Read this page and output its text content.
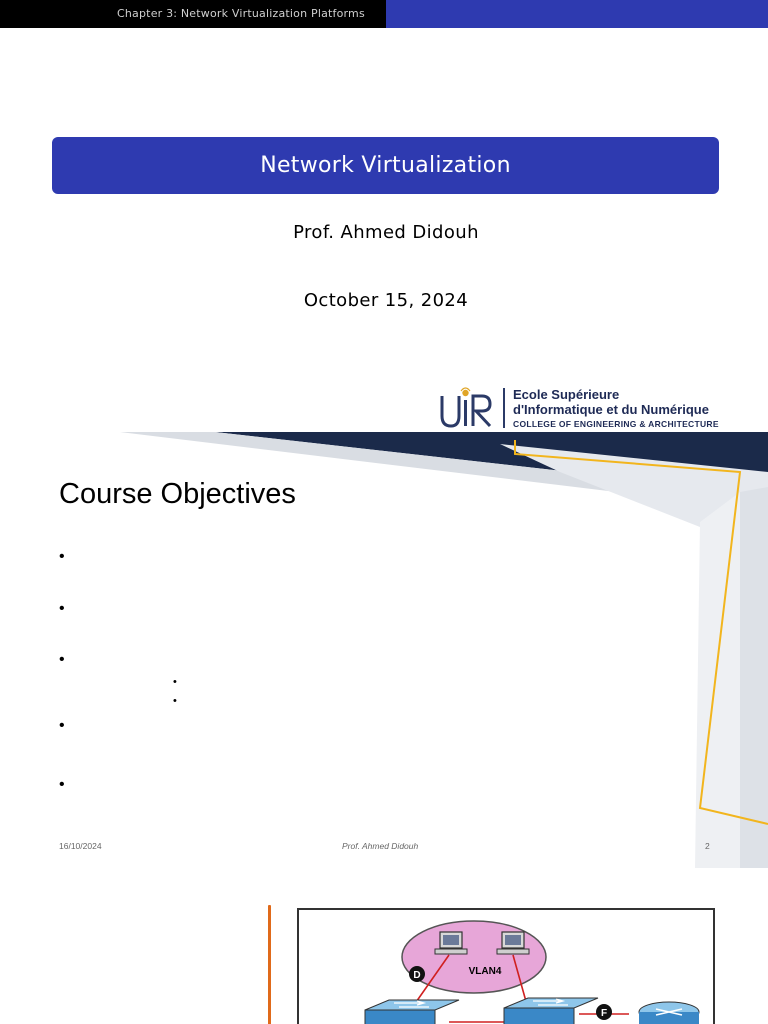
Chapter 3: Network Virtualization Platforms
Network Virtualization
Prof. Ahmed Didouh
October 15, 2024
Ecole Supérieure
d'Informatique et du Numérique
COLLEGE OF ENGINEERING & ARCHITECTURE
Course Objectives
•
•
•
•
•
•
•
16/10/2024	Prof. Ahmed Didouh	2
VLAN4
D
F
